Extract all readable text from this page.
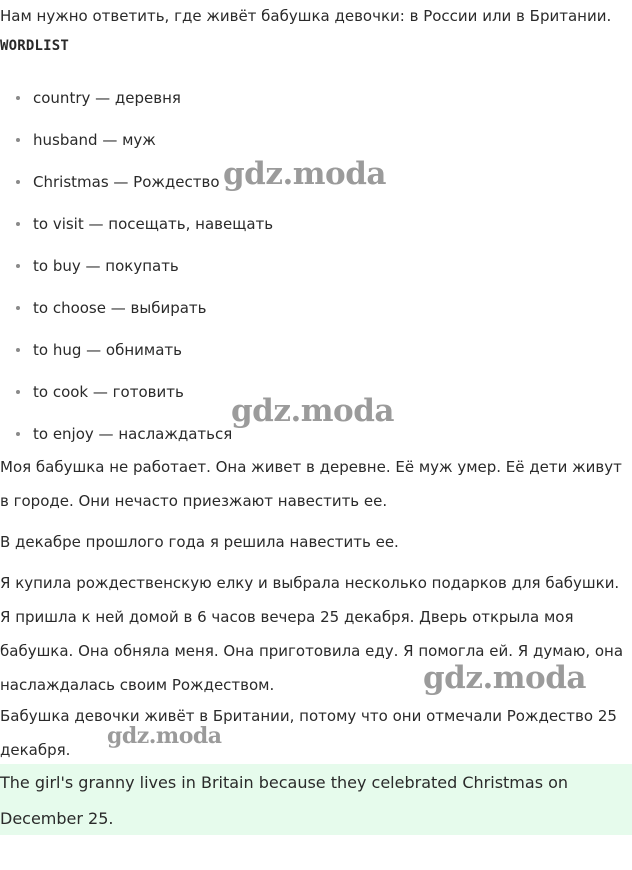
Нам нужно ответить, где живёт бабушка девочки: в России или в Британии.
WORDLIST
country — деревня
husband — муж
Christmas — Рождество
to visit — посещать, навещать
to buy — покупать
to choose — выбирать
to hug — обнимать
to cook — готовить
to enjoy — наслаждаться
Моя бабушка не работает. Она живет в деревне. Её муж умер. Её дети живут в городе. Они нечасто приезжают навестить ее.
В декабре прошлого года я решила навестить ее.
Я купила рождественскую елку и выбрала несколько подарков для бабушки. Я пришла к ней домой в 6 часов вечера 25 декабря. Дверь открыла моя бабушка. Она обняла меня. Она приготовила еду. Я помогла ей. Я думаю, она наслаждалась своим Рождеством.
Бабушка девочки живёт в Британии, потому что они отмечали Рождество 25 декабря.
The girl's granny lives in Britain because they celebrated Christmas on December 25.
gdz.moda
gdz.moda
gdz.moda
gdz.moda
